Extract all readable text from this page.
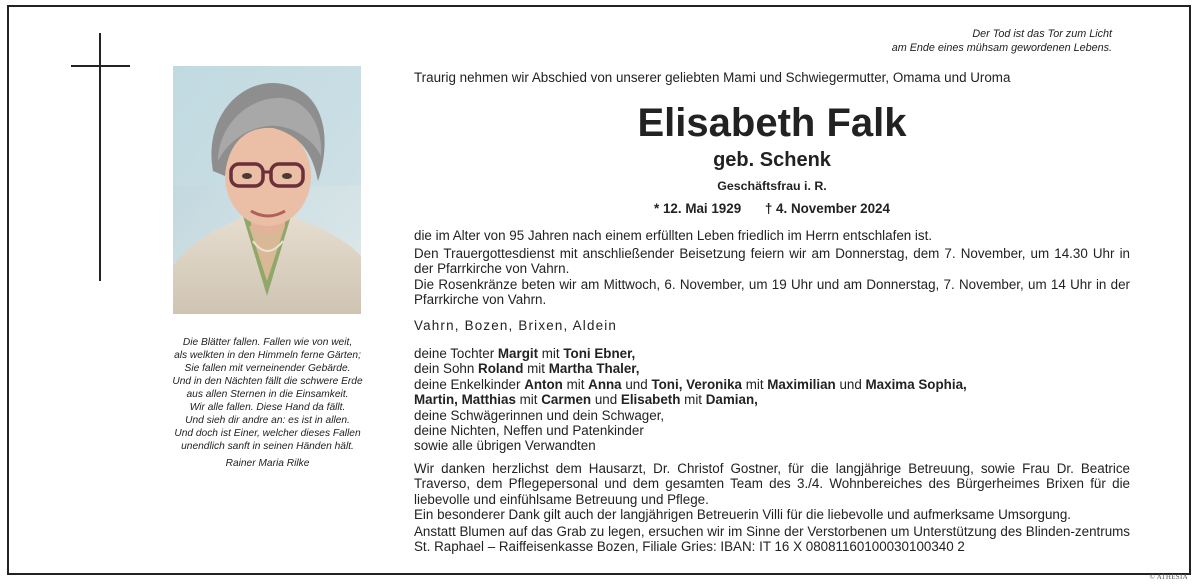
Die Blätter fallen. Fallen wie von weit,
als welkten in den Himmeln ferne Gärten;
Sie fallen mit verneinender Gebärde.
Und in den Nächten fällt die schwere Erde
aus allen Sternen in die Einsamkeit.
Wir alle fallen. Diese Hand da fällt.
Und sieh dir andre an: es ist in allen.
Und doch ist Einer, welcher dieses Fallen
unendlich sanft in seinen Händen hält.
Rainer Maria Rilke
Der Tod ist das Tor zum Licht
am Ende eines mühsam gewordenen Lebens.
Traurig nehmen wir Abschied von unserer geliebten Mami und Schwiegermutter, Omama und Uroma
Elisabeth Falk
geb. Schenk
Geschäftsfrau i. R.
* 12. Mai 1929 † 4. November 2024
die im Alter von 95 Jahren nach einem erfüllten Leben friedlich im Herrn entschlafen ist.
Den Trauergottesdienst mit anschließender Beisetzung feiern wir am Donnerstag, dem 7. November, um 14.30 Uhr in der Pfarrkirche von Vahrn.
Die Rosenkränze beten wir am Mittwoch, 6. November, um 19 Uhr und am Donnerstag, 7. November, um 14 Uhr in der Pfarrkirche von Vahrn.
Vahrn, Bozen, Brixen, Aldein
deine Tochter Margit mit Toni Ebner,
dein Sohn Roland mit Martha Thaler,
deine Enkelkinder Anton mit Anna und Toni, Veronika mit Maximilian und Maxima Sophia,
Martin, Matthias mit Carmen und Elisabeth mit Damian,
deine Schwägerinnen und dein Schwager,
deine Nichten, Neffen und Patenkinder
sowie alle übrigen Verwandten
Wir danken herzlichst dem Hausarzt, Dr. Christof Gostner, für die langjährige Betreuung, sowie Frau Dr. Beatrice Traverso, dem Pflegepersonal und dem gesamten Team des 3./4. Wohnbereiches des Bürgerheimes Brixen für die liebevolle und einfühlsame Betreuung und Pflege.
Ein besonderer Dank gilt auch der langjährigen Betreuerin Villi für die liebevolle und aufmerksame Umsorgung.
Anstatt Blumen auf das Grab zu legen, ersuchen wir im Sinne der Verstorbenen um Unterstützung des Blinden-zentrums St. Raphael – Raiffeisenkasse Bozen, Filiale Gries: IBAN: IT 16 X 08081160100030100340 2
© ATHESIA
